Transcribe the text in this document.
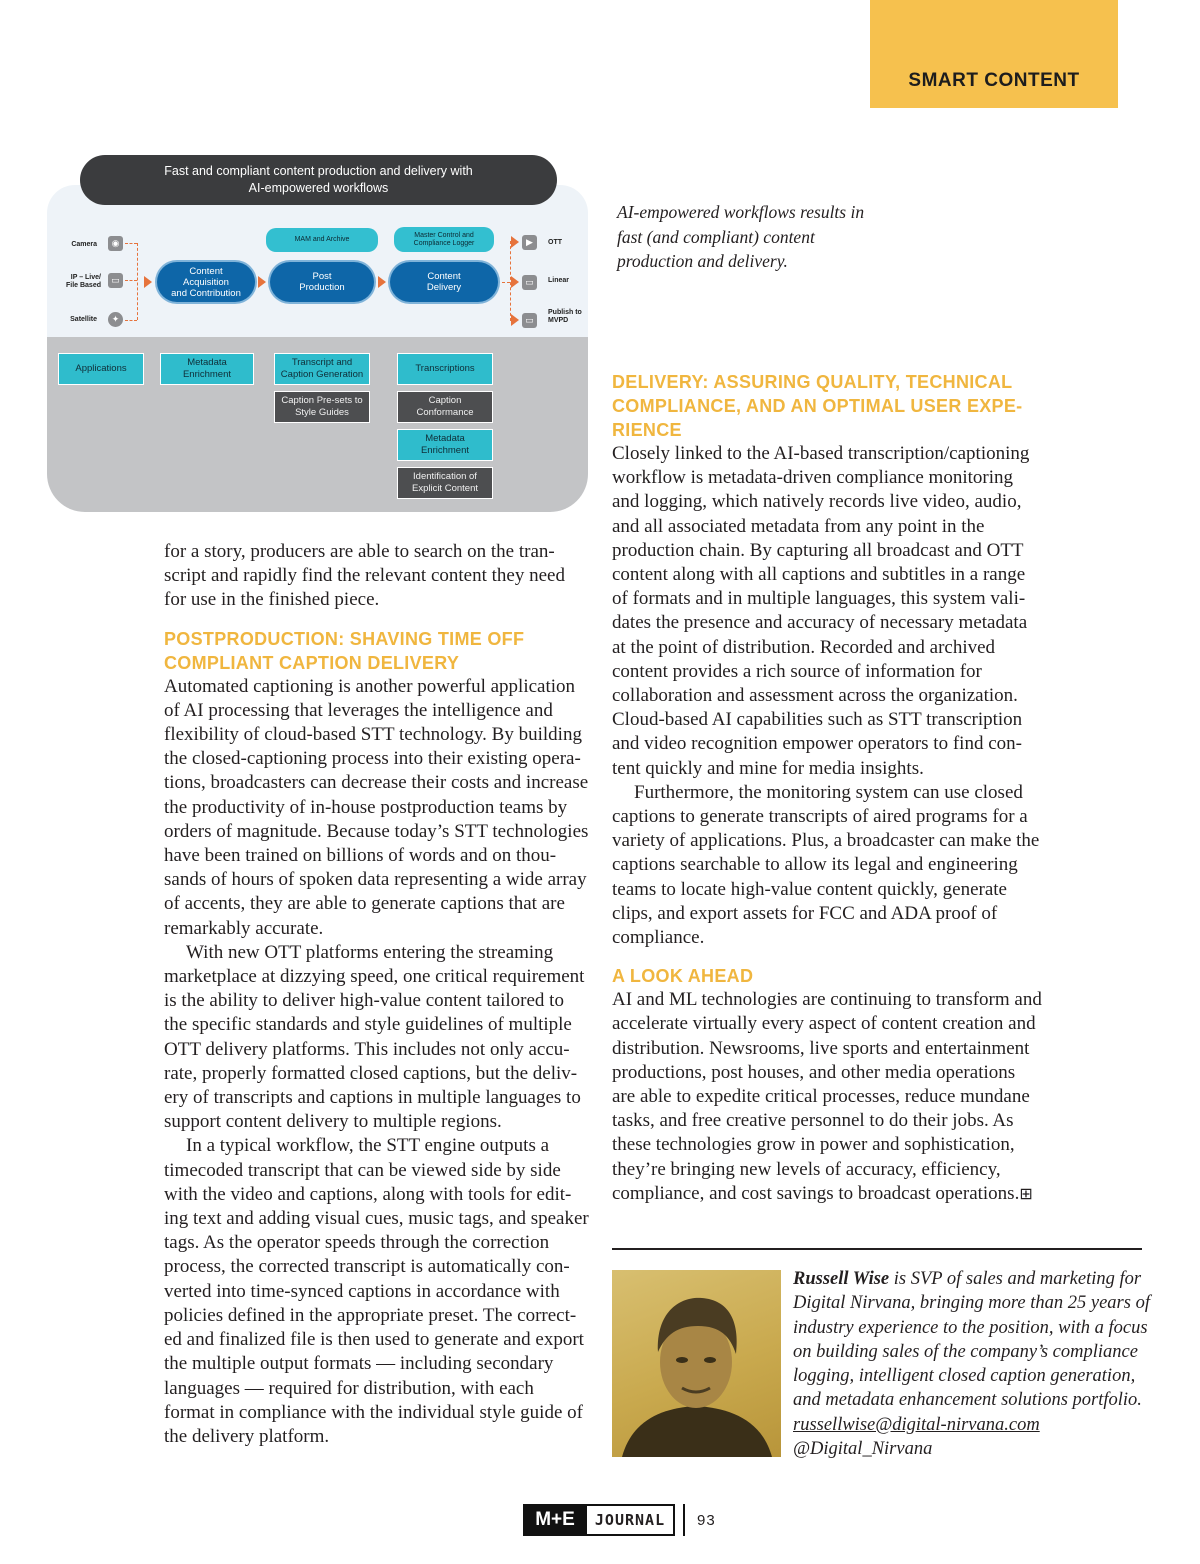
SMART CONTENT
Fast and compliant content production and delivery with
AI-empowered workflows
Camera	◉
IP – Live/
File Based
▭
Satellite	✦
Content
Acquisition
and Contribution
Post
Production
Content
Delivery
MAM and Archive
Master Control and
Compliance Logger	▶
▭
▭
OTT
Linear
Publish to
MVPD
Applications
Metadata
Enrichment
Transcript and
Caption Generation
Caption Pre-sets to
Style Guides
Transcriptions
Caption
Conformance
Metadata
Enrichment
Identification of
Explicit Content
AI-empowered workflows results in fast (and compliant) content production and delivery.

for a story, producers are able to search on the tran- script and rapidly find the relevant content they need for use in the finished piece.

POSTPRODUCTION: SHAVING TIME OFF COMPLIANT CAPTION DELIVERY

Automated captioning is another powerful application of AI processing that leverages the intelligence and flexibility of cloud-based STT technology. By building the closed-captioning process into their existing opera- tions, broadcasters can decrease their costs and increase the productivity of in-house postproduction teams by orders of magnitude. Because today’s STT technologies have been trained on billions of words and on thou- sands of hours of spoken data representing a wide array of accents, they are able to generate captions that are remarkably accurate.

With new OTT platforms entering the streaming marketplace at dizzying speed, one critical requirement is the ability to deliver high-value content tailored to the specific standards and style guidelines of multiple OTT delivery platforms. This includes not only accu- rate, properly formatted closed captions, but the deliv- ery of transcripts and captions in multiple languages to support content delivery to multiple regions.

In a typical workflow, the STT engine outputs a timecoded transcript that can be viewed side by side with the video and captions, along with tools for edit- ing text and adding visual cues, music tags, and speaker tags. As the operator speeds through the correction process, the corrected transcript is automatically con- verted into time-synced captions in accordance with policies defined in the appropriate preset. The correct- ed and finalized file is then used to generate and export the multiple output formats — including secondary languages — required for distribution, with each format in compliance with the individual style guide of the delivery platform.

DELIVERY: ASSURING QUALITY, TECHNICAL COMPLIANCE, AND AN OPTIMAL USER EXPE- RIENCE

Closely linked to the AI-based transcription/captioning workflow is metadata-driven compliance monitoring and logging, which natively records live video, audio, and all associated metadata from any point in the production chain. By capturing all broadcast and OTT content along with all captions and subtitles in a range of formats and in multiple languages, this system vali- dates the presence and accuracy of necessary metadata at the point of distribution. Recorded and archived content provides a rich source of information for collaboration and assessment across the organization. Cloud-based AI capabilities such as STT transcription and video recognition empower operators to find con- tent quickly and mine for media insights.

Furthermore, the monitoring system can use closed captions to generate transcripts of aired programs for a variety of applications. Plus, a broadcaster can make the captions searchable to allow its legal and engineering teams to locate high-value content quickly, generate clips, and export assets for FCC and ADA proof of compliance.

A LOOK AHEAD

AI and ML technologies are continuing to transform and accelerate virtually every aspect of content creation and distribution. Newsrooms, live sports and entertainment productions, post houses, and other media operations are able to expedite critical processes, reduce mundane tasks, and free creative personnel to do their jobs. As these technologies grow in power and sophistication, they’re bringing new levels of accuracy, efficiency, compliance, and cost savings to broadcast operations.⊞

Russell Wise is SVP of sales and marketing for Digital Nirvana, bringing more than 25 years of industry experience to the position, with a focus on building sales of the company’s compliance logging, intelligent closed caption generation, and metadata enhancement solutions portfolio.
russellwise@digital-nirvana.com
@Digital_Nirvana
M+E	JOURNAL	93
